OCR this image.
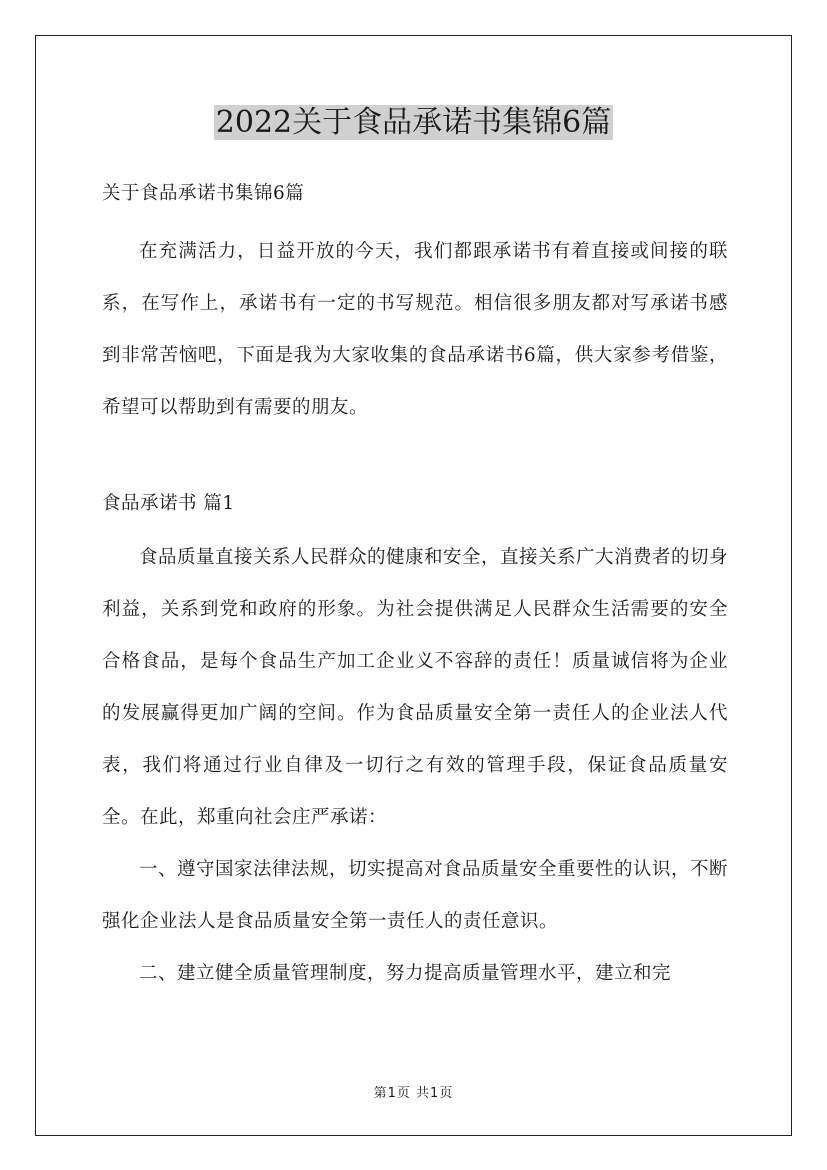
2022关于食品承诺书集锦6篇

关于食品承诺书集锦6篇

在充满活力，日益开放的今天，我们都跟承诺书有着直接或间接的联系，在写作上，承诺书有一定的书写规范。相信很多朋友都对写承诺书感到非常苦恼吧，下面是我为大家收集的食品承诺书6篇，供大家参考借鉴，希望可以帮助到有需要的朋友。

食品承诺书 篇1

食品质量直接关系人民群众的健康和安全，直接关系广大消费者的切身利益，关系到党和政府的形象。为社会提供满足人民群众生活需要的安全合格食品，是每个食品生产加工企业义不容辞的责任！质量诚信将为企业的发展赢得更加广阔的空间。作为食品质量安全第一责任人的企业法人代表，我们将通过行业自律及一切行之有效的管理手段，保证食品质量安全。在此，郑重向社会庄严承诺：

一、遵守国家法律法规，切实提高对食品质量安全重要性的认识，不断强化企业法人是食品质量安全第一责任人的责任意识。

二、建立健全质量管理制度，努力提高质量管理水平，建立和完

第1页 共1页
